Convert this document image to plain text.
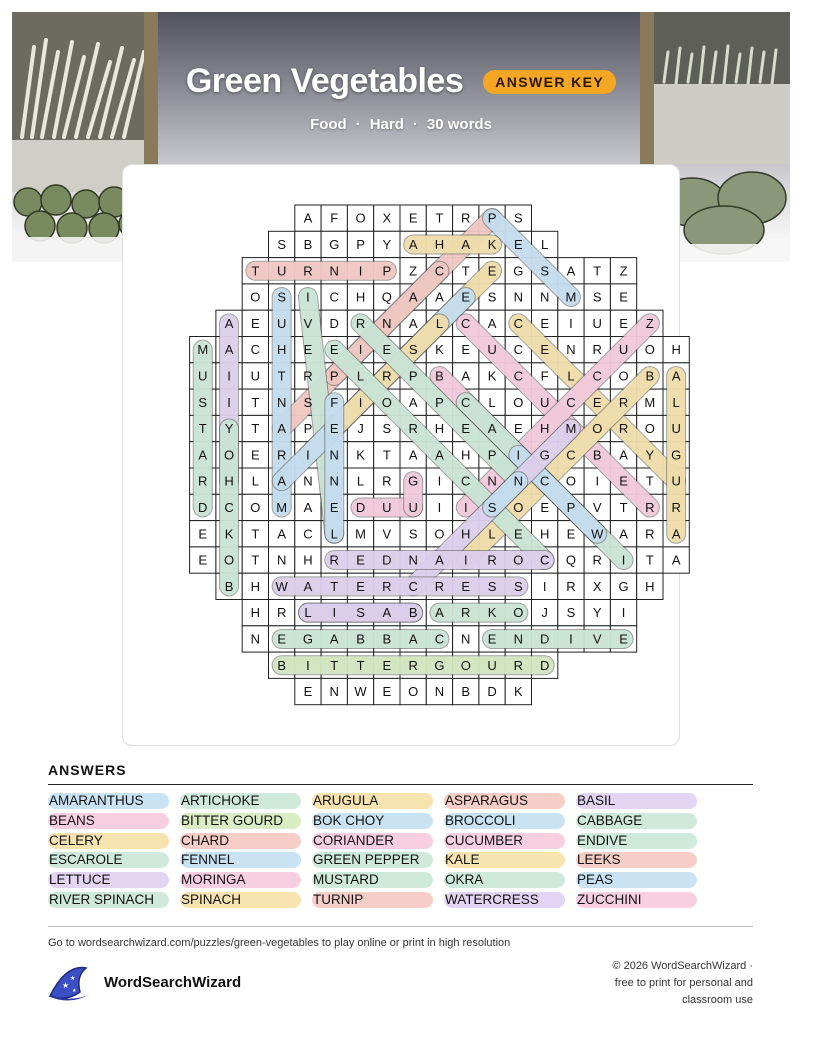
Green Vegetables ANSWER KEY
Food · Hard · 30 words
A F O X E T R P S
S B G P Y A H A K E L
T U R N I P Z C T E G S A T Z
O S I C H Q A A E S N N M S E
A E U V D R N A L C A C E I U E Z
M A C H E E I E S K E U C E N R U O H
U I U T R P L R P B A K C F L C O B A
S I T N S F I O A P C L O U C E R M L
T Y T A P E J S R H E A E H M O R O U
A O E R I N K T A A H P I G C B A Y G
R H L A N N L R G I C N N C O I E T U
D C O M A E D U U I I S O E P V T R R
E K T A C L M V S O H L E H E W A R A
E O T N H R E D N A I R O C Q R I T A
B H W A T E R C R E S S I R X G H
H R L I S A B A R K O J S Y I
N E G A B B A C N E N D I V E
B I T T E R G O U R D
E N W E O N B D K
ANSWERS
AMARANTHUS
BEANS
CELERY
ESCAROLE
LETTUCE
RIVER SPINACH
ARTICHOKE
BITTER GOURD
CHARD
FENNEL
MORINGA
SPINACH
ARUGULA
BOK CHOY
CORIANDER
GREEN PEPPER
MUSTARD
TURNIP
ASPARAGUS
BROCCOLI
CUCUMBER
KALE
OKRA
WATERCRESS
BASIL
CABBAGE
ENDIVE
LEEKS
PEAS
ZUCCHINI
Go to wordsearchwizard.com/puzzles/green-vegetables to play online or print in high resolution
★
★
★ WordSearchWizard
© 2026 WordSearchWizard ·
free to print for personal and
classroom use
